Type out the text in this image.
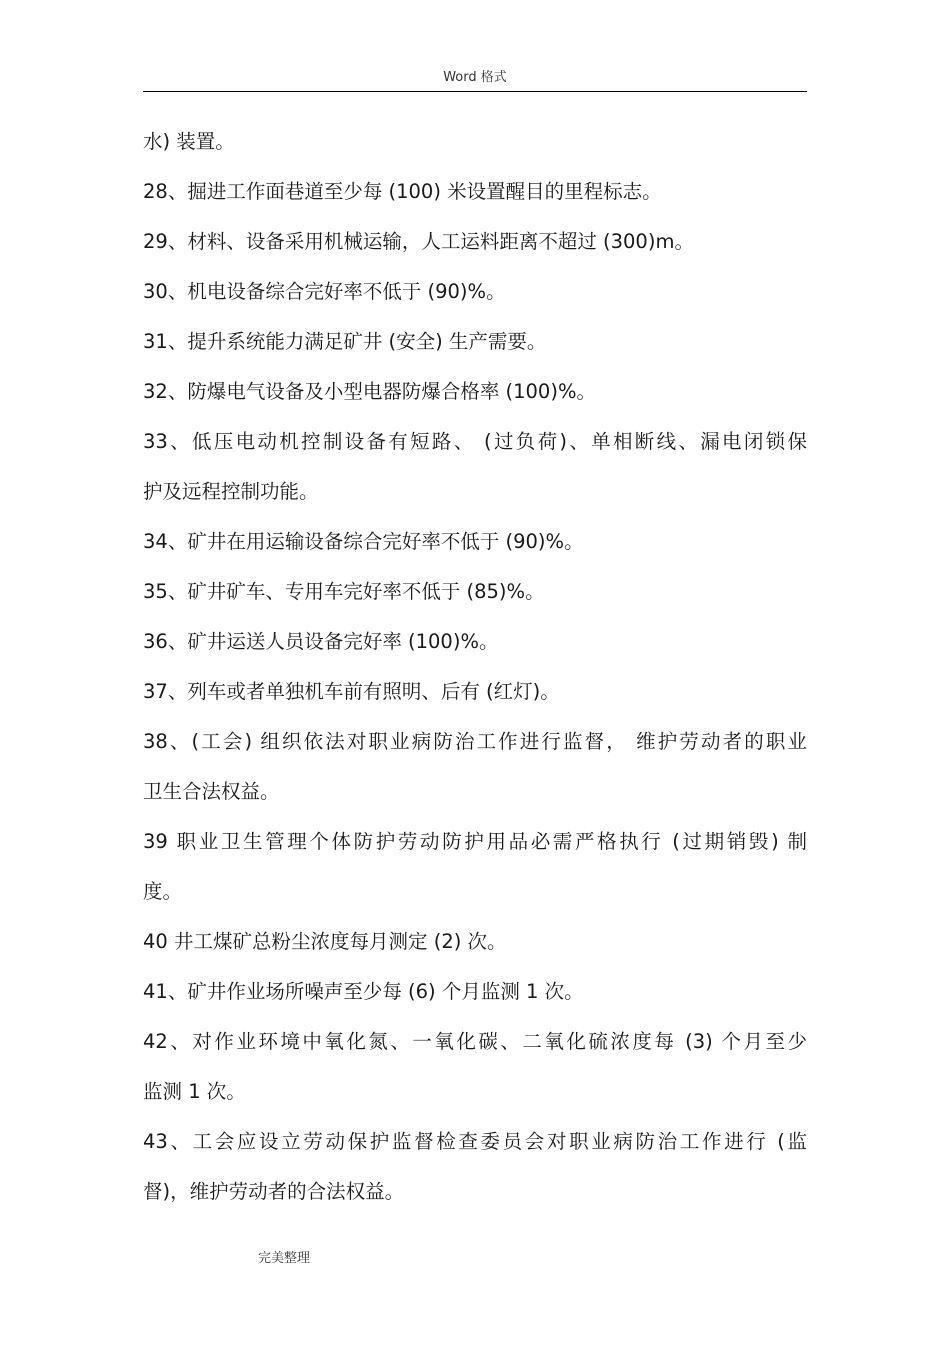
Word 格式
水) 装置。
28、掘进工作面巷道至少每 (100) 米设置醒目的里程标志。
29、材料、设备采用机械运输，人工运料距离不超过 (300)m。
30、机电设备综合完好率不低于 (90)%。
31、提升系统能力满足矿井 (安全) 生产需要。
32、防爆电气设备及小型电器防爆合格率 (100)%。
33、低压电动机控制设备有短路、 (过负荷)、单相断线、漏电闭锁保
护及远程控制功能。
34、矿井在用运输设备综合完好率不低于 (90)%。
35、矿井矿车、专用车完好率不低于 (85)%。
36、矿井运送人员设备完好率 (100)%。
37、列车或者单独机车前有照明、后有 (红灯)。
38、(工会) 组织依法对职业病防治工作进行监督， 维护劳动者的职业
卫生合法权益。
39 职业卫生管理个体防护劳动防护用品必需严格执行 (过期销毁) 制
度。
40 井工煤矿总粉尘浓度每月测定 (2) 次。
41、矿井作业场所噪声至少每 (6) 个月监测 1 次。
42、对作业环境中氧化氮、一氧化碳、二氧化硫浓度每 (3) 个月至少
监测 1 次。
43、工会应设立劳动保护监督检查委员会对职业病防治工作进行 (监
督)，维护劳动者的合法权益。
完美整理
